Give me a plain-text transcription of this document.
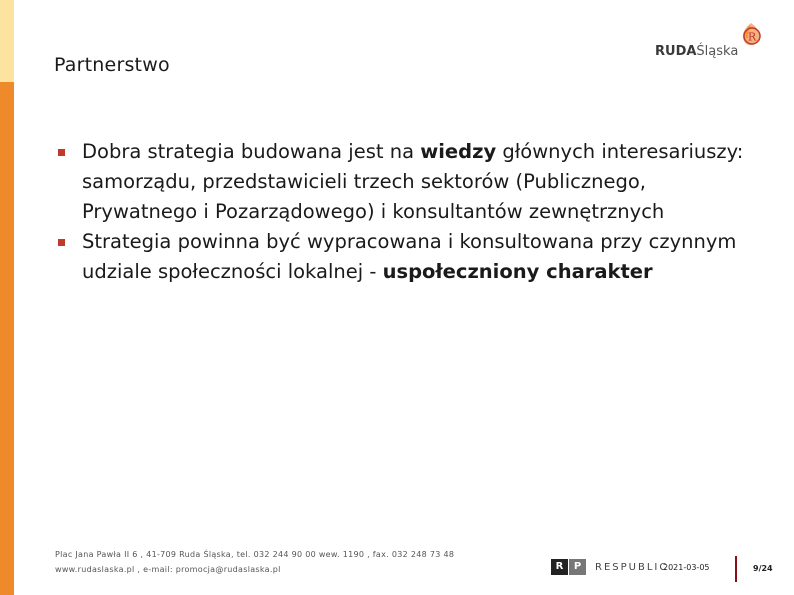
Partnerstwo
RUDAŚląska
R

Dobra strategia budowana jest na wiedzy głównych interesariuszy: samorządu, przedstawicieli trzech sektorów (Publicznego, Prywatnego i Pozarządowego) i konsultantów zewnętrznych

Strategia powinna być wypracowana i konsultowana przy czynnym udziale społeczności lokalnej - uspołeczniony charakter

Plac Jana Pawła II 6 , 41-709 Ruda Śląska, tel. 032 244 90 00 wew. 1190 , fax. 032 248 73 48
www.rudaslaska.pl , e-mail: promocja@rudaslaska.pl	R	P	RESPUBLIC
2021-03-05	9/24
